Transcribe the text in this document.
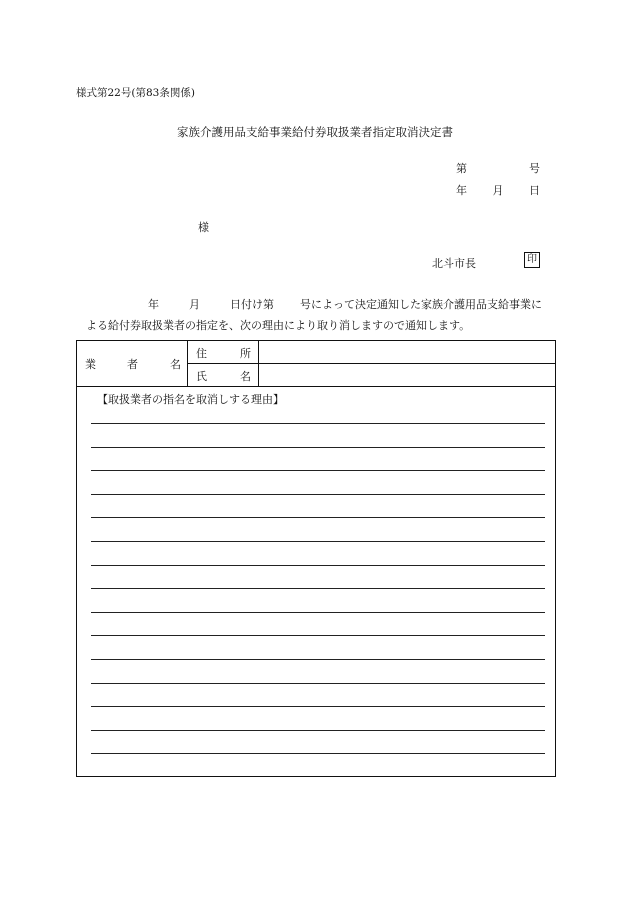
様式第22号(第83条関係)
家族介護用品支給事業給付券取扱業者指定取消決定書
第	号
年 月 日
様
北斗市長	印
年	月	日付け第 号によって決定通知した家族介護用品支給事業に
よる給付券取扱業者の指定を、次の理由により取り消しますので通知します。
業	者	名
住	所
氏	名
【取扱業者の指名を取消しする理由】
